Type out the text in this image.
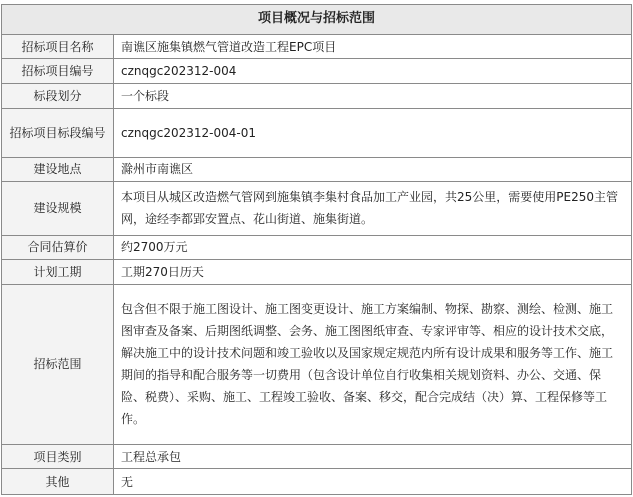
项目概况与招标范围	
招标项目名称	南谯区施集镇燃气管道改造工程EPC项目
招标项目编号	cznqgc202312-004
标段划分	一个标段
招标项目标段编号	cznqgc202312-004-01
建设地点	滁州市南谯区
建设规模	本项目从城区改造燃气管网到施集镇李集村食品加工产业园，共25公里，需要使用PE250主管网，途经李都郢安置点、花山街道、施集街道。
合同估算价	约2700万元
计划工期	工期270日历天
招标范围	包含但不限于施工图设计、施工图变更设计、施工方案编制、物探、勘察、测绘、检测、施工图审查及备案、后期图纸调整、会务、施工图图纸审查、专家评审等、相应的设计技术交底，解决施工中的设计技术问题和竣工验收以及国家规定规范内所有设计成果和服务等工作、施工期间的指导和配合服务等一切费用（包含设计单位自行收集相关规划资料、办公、交通、保险、税费）、采购、施工、工程竣工验收、备案、移交，配合完成结（决）算、工程保修等工作。
项目类别	工程总承包
其他	无
